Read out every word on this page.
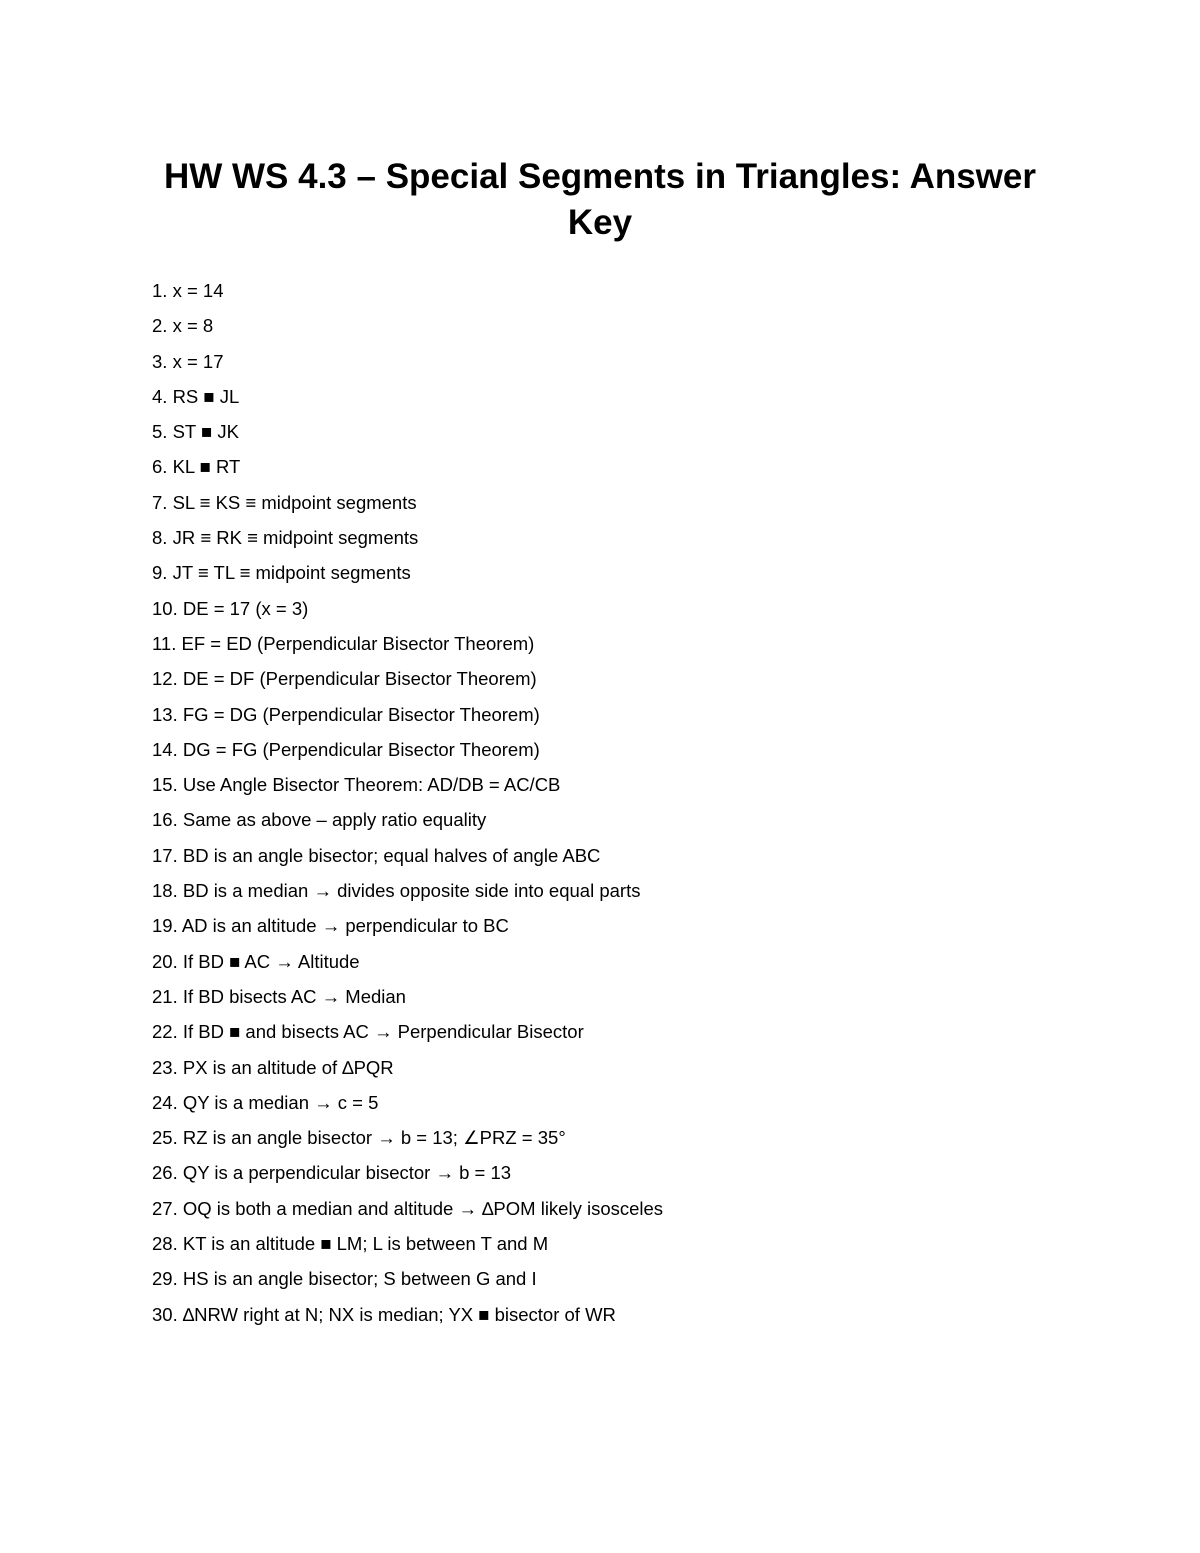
HW WS 4.3 – Special Segments in Triangles: Answer Key
1. x = 14
2. x = 8
3. x = 17
4. RS ■ JL
5. ST ■ JK
6. KL ■ RT
7. SL ≡ KS ≡ midpoint segments
8. JR ≡ RK ≡ midpoint segments
9. JT ≡ TL ≡ midpoint segments
10. DE = 17 (x = 3)
11. EF = ED (Perpendicular Bisector Theorem)
12. DE = DF (Perpendicular Bisector Theorem)
13. FG = DG (Perpendicular Bisector Theorem)
14. DG = FG (Perpendicular Bisector Theorem)
15. Use Angle Bisector Theorem: AD/DB = AC/CB
16. Same as above – apply ratio equality
17. BD is an angle bisector; equal halves of angle ABC
18. BD is a median → divides opposite side into equal parts
19. AD is an altitude → perpendicular to BC
20. If BD ■ AC → Altitude
21. If BD bisects AC → Median
22. If BD ■ and bisects AC → Perpendicular Bisector
23. PX is an altitude of ∆PQR
24. QY is a median → c = 5
25. RZ is an angle bisector → b = 13; ∠PRZ = 35°
26. QY is a perpendicular bisector → b = 13
27. OQ is both a median and altitude → ∆POM likely isosceles
28. KT is an altitude ■ LM; L is between T and M
29. HS is an angle bisector; S between G and I
30. ∆NRW right at N; NX is median; YX ■ bisector of WR
